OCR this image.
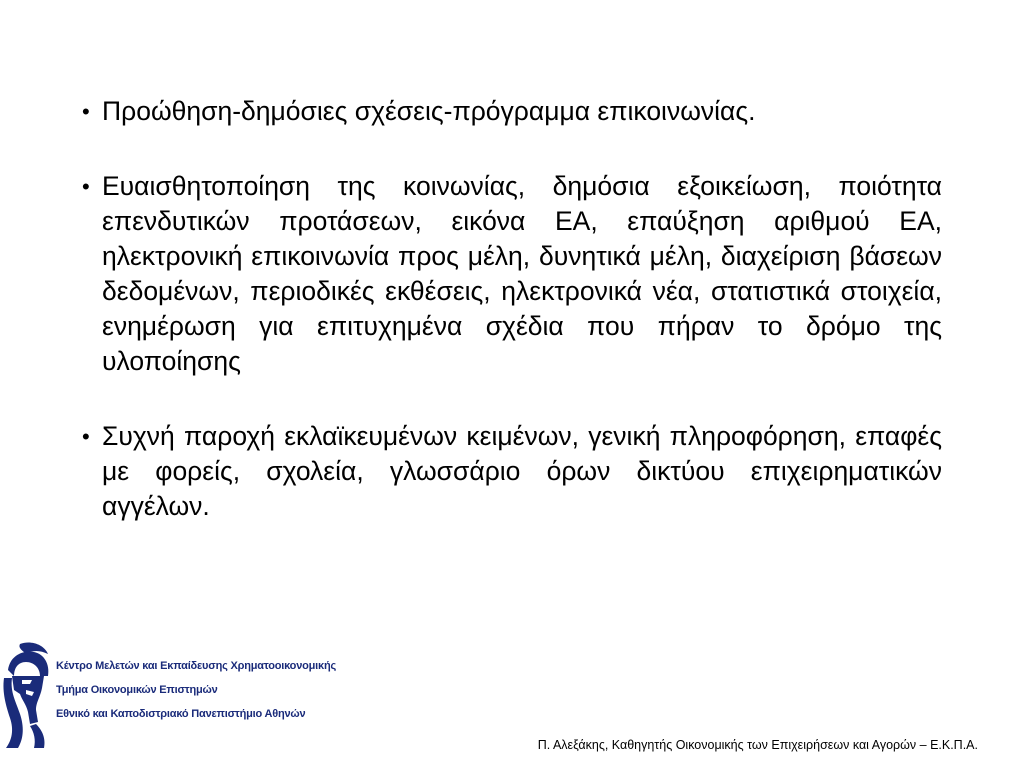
• Προώθηση-δημόσιες σχέσεις-πρόγραμμα επικοινωνίας.
• Ευαισθητοποίηση της κοινωνίας, δημόσια εξοικείωση, ποιότητα επενδυτικών προτάσεων, εικόνα ΕΑ, επαύξηση αριθμού ΕΑ, ηλεκτρονική επικοινωνία προς μέλη, δυνητικά μέλη, διαχείριση βάσεων δεδομένων, περιοδικές εκθέσεις, ηλεκτρονικά νέα, στατιστικά στοιχεία, ενημέρωση για επιτυχημένα σχέδια που πήραν το δρόμο της υλοποίησης
• Συχνή παροχή εκλαϊκευμένων κειμένων, γενική πληροφόρηση, επαφές με φορείς, σχολεία, γλωσσάριο όρων δικτύου επιχειρηματικών αγγέλων.
Κέντρο Μελετών και Εκπαίδευσης Χρηματοοικονομικής
Τμήμα Οικονομικών Επιστημών
Εθνικό και Καποδιστριακό Πανεπιστήμιο Αθηνών
Π. Αλεξάκης, Καθηγητής Οικονομικής των Επιχειρήσεων και Αγορών – Ε.Κ.Π.Α.
